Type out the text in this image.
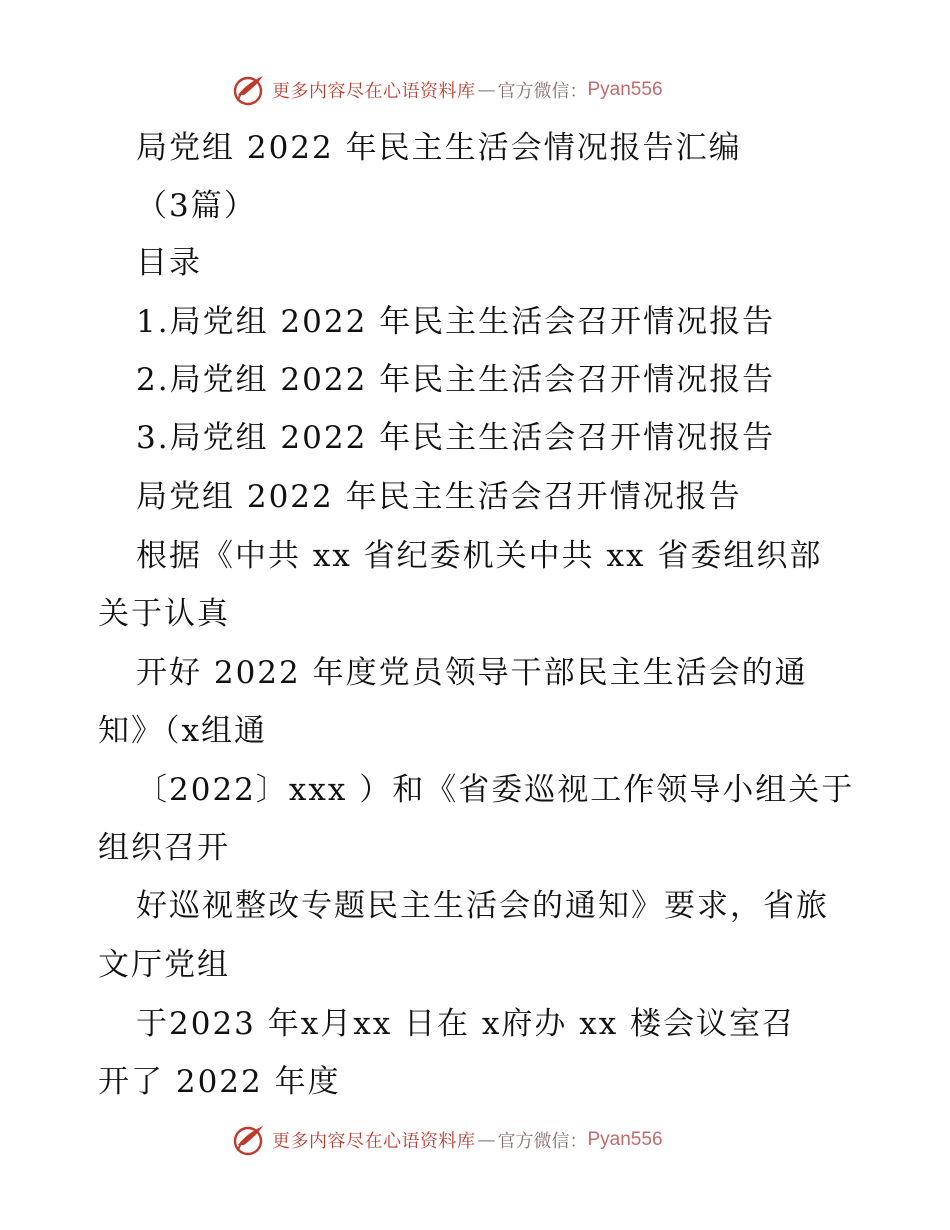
更多内容尽在心语资料库 — 官方微信： Pyan556
局党组 2022 年民主生活会情况报告汇编
（3篇）
目录
1.局党组 2022 年民主生活会召开情况报告
2.局党组 2022 年民主生活会召开情况报告
3.局党组 2022 年民主生活会召开情况报告
局党组 2022 年民主生活会召开情况报告
根据《中共 xx 省纪委机关中共 xx 省委组织部
关于认真
开好 2022 年度党员领导干部民主生活会的通
知》（x组通
〔2022〕xxx ）和《省委巡视工作领导小组关于
组织召开
好巡视整改专题民主生活会的通知》要求，省旅
文厅党组
于2023 年x月xx 日在 x府办 xx 楼会议室召
开了 2022 年度
更多内容尽在心语资料库 — 官方微信： Pyan556
